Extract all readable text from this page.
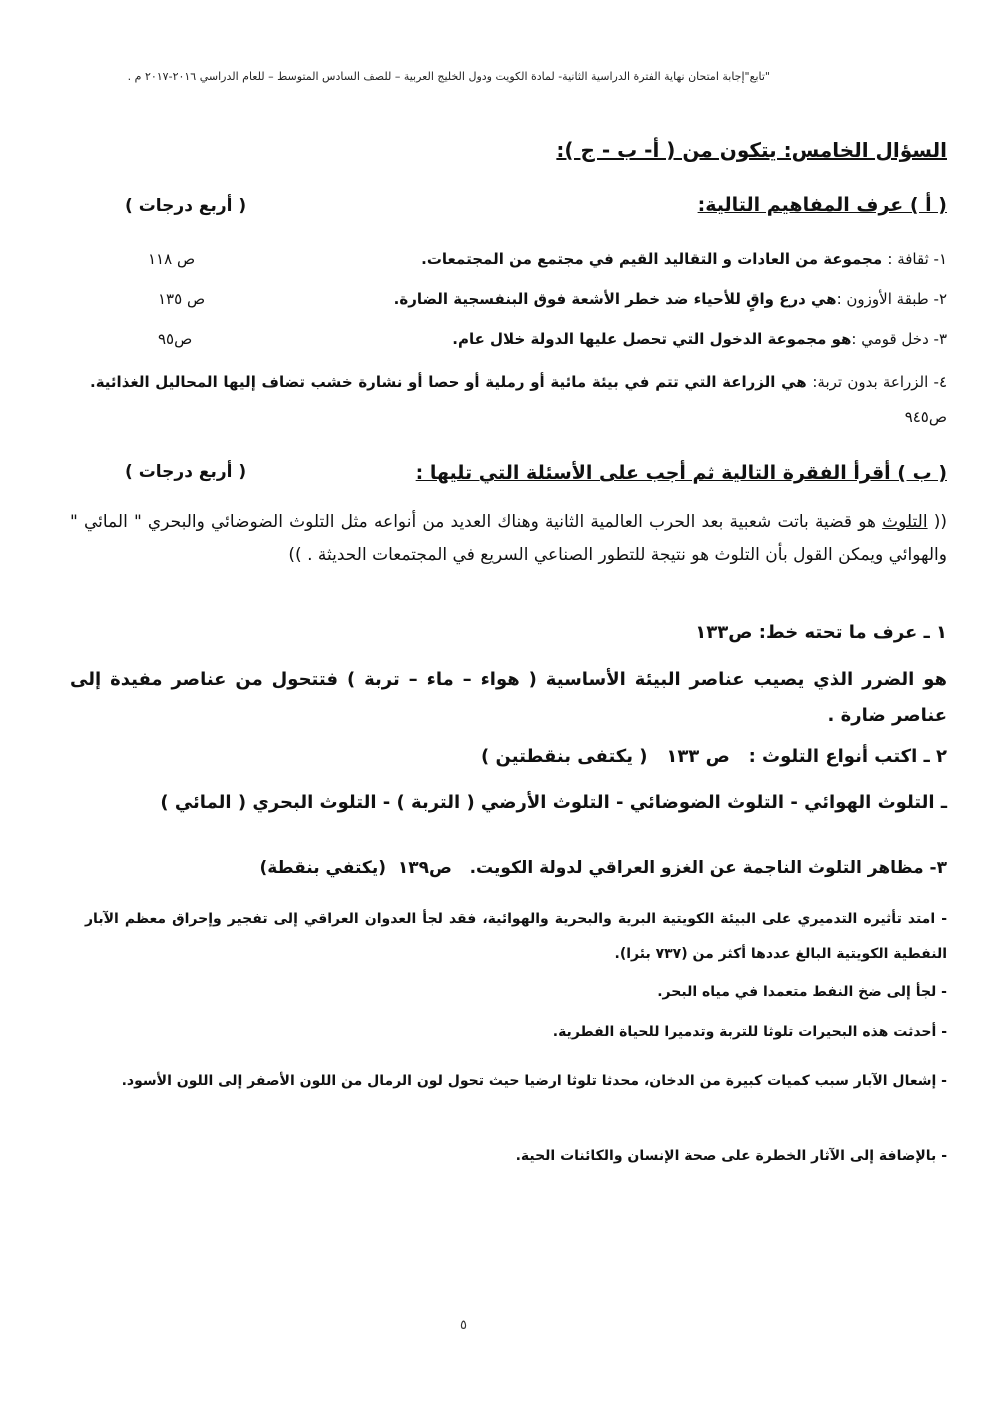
"تابع"إجابة امتحان نهاية الفترة الدراسية الثانية- لمادة الكويت ودول الخليج العربية – للصف السادس المتوسط – للعام الدراسي ٢٠١٦-٢٠١٧ م .
السؤال الخامس: يتكون من ( أ- ب - ج ):
( أ ) عرف المفاهيم التالية:
( أربع درجات )
١- ثقافة : مجموعة من العادات و التقاليد القيم في مجتمع من المجتمعات.
ص ١١٨
٢- طبقة الأوزون :هي درع واقٍ للأحياء ضد خطر الأشعة فوق البنفسجية الضارة.
ص ١٣٥
٣- دخل قومي :هو مجموعة الدخول التي تحصل عليها الدولة خلال عام.
ص٩٥
٤- الزراعة بدون تربة: هي الزراعة التي تتم في بيئة مائية أو رملية أو حصا أو نشارة خشب تضاف إليها المحاليل الغذائية. ص٩٤٥
( ب ) أقرأ الفقرة التالية ثم أجب على الأسئلة التي تليها :
( أربع درجات )
(( التلوث هو قضية باتت شعبية بعد الحرب العالمية الثانية وهناك العديد من أنواعه مثل التلوث الضوضائي والبحري " المائي " والهوائي ويمكن القول بأن التلوث هو نتيجة للتطور الصناعي السريع في المجتمعات الحديثة . ))
١ ـ عرف ما تحته خط: ص١٣٣
هو الضرر الذي يصيب عناصر البيئة الأساسية ( هواء – ماء – تربة ) فتتحول من عناصر مفيدة إلى عناصر ضارة .
٢ ـ اكتب أنواع التلوث :   ص ١٣٣   ( يكتفى بنقطتين )
ـ التلوث الهوائي - التلوث الضوضائي - التلوث الأرضي ( التربة ) - التلوث البحري ( المائي )
٣- مظاهر التلوث الناجمة عن الغزو العراقي لدولة الكويت.   ص١٣٩  (يكتفي بنقطة)
- امتد تأثيره التدميري على البيئة الكويتية البرية والبحرية والهوائية، فقد لجأ العدوان العراقي إلى تفجير وإحراق معظم الآبار النفطية الكويتية البالغ عددها أكثر من (٧٣٧ بئرا).
- لجأ إلى ضخ النفط متعمدا في مياه البحر.
- أحدثت هذه البحيرات تلوثا للتربة وتدميرا للحياة الفطرية.
- إشعال الآبار سبب كميات كبيرة من الدخان، محدثا تلوثا ارضيا حيث تحول لون الرمال من اللون الأصفر إلى اللون الأسود.
- بالإضافة إلى الآثار الخطرة على صحة الإنسان والكائنات الحية.
٥
